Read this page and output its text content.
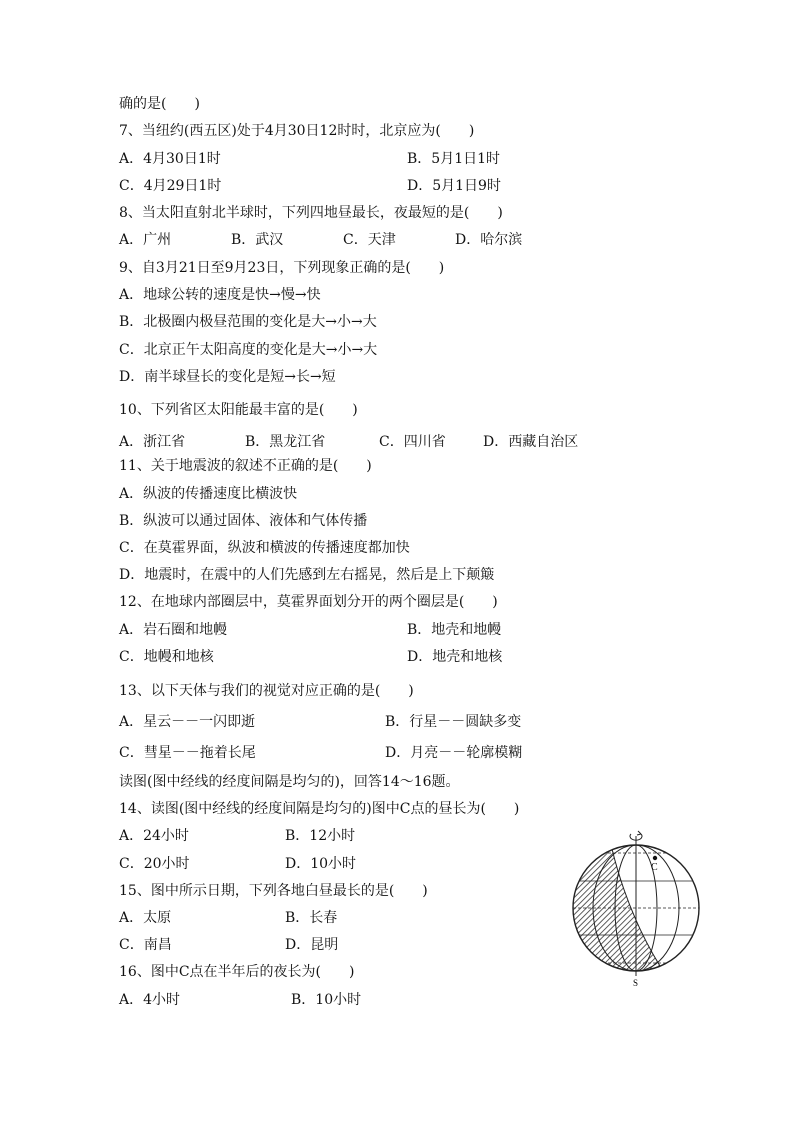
确的是(　　)
7、当纽约(西五区)处于4月30日12时时，北京应为(　　)
A．4月30日1时	B．5月1日1时
C．4月29日1时	D．5月1日9时
8、当太阳直射北半球时，下列四地昼最长，夜最短的是(　　)
A．广州	B．武汉	C．天津	D．哈尔滨
9、自3月21日至9月23日，下列现象正确的是(　　)
A．地球公转的速度是快→慢→快
B．北极圈内极昼范围的变化是大→小→大
C．北京正午太阳高度的变化是大→小→大
D．南半球昼长的变化是短→长→短
10、下列省区太阳能最丰富的是(　　)
A．浙江省	B．黑龙江省	C．四川省	D．西藏自治区
11、关于地震波的叙述不正确的是(　　)
A．纵波的传播速度比横波快
B．纵波可以通过固体、液体和气体传播
C．在莫霍界面，纵波和横波的传播速度都加快
D．地震时，在震中的人们先感到左右摇晃，然后是上下颠簸
12、在地球内部圈层中，莫霍界面划分开的两个圈层是(　　)
A．岩石圈和地幔	B．地壳和地幔
C．地幔和地核	D．地壳和地核
13、以下天体与我们的视觉对应正确的是(　　)
A．星云－－一闪即逝	B．行星－－圆缺多变
C．彗星－－拖着长尾	D．月亮－－轮廓模糊
读图(图中经线的经度间隔是均匀的)，回答14～16题。
14、读图(图中经线的经度间隔是均匀的)图中C点的昼长为(　　)
A．24小时	B．12小时
C．20小时	D．10小时
15、图中所示日期，下列各地白昼最长的是(　　)
A．太原	B．长春
C．南昌	D．昆明
16、图中C点在半年后的夜长为(　　)
A．4小时	B．10小时
C
S
